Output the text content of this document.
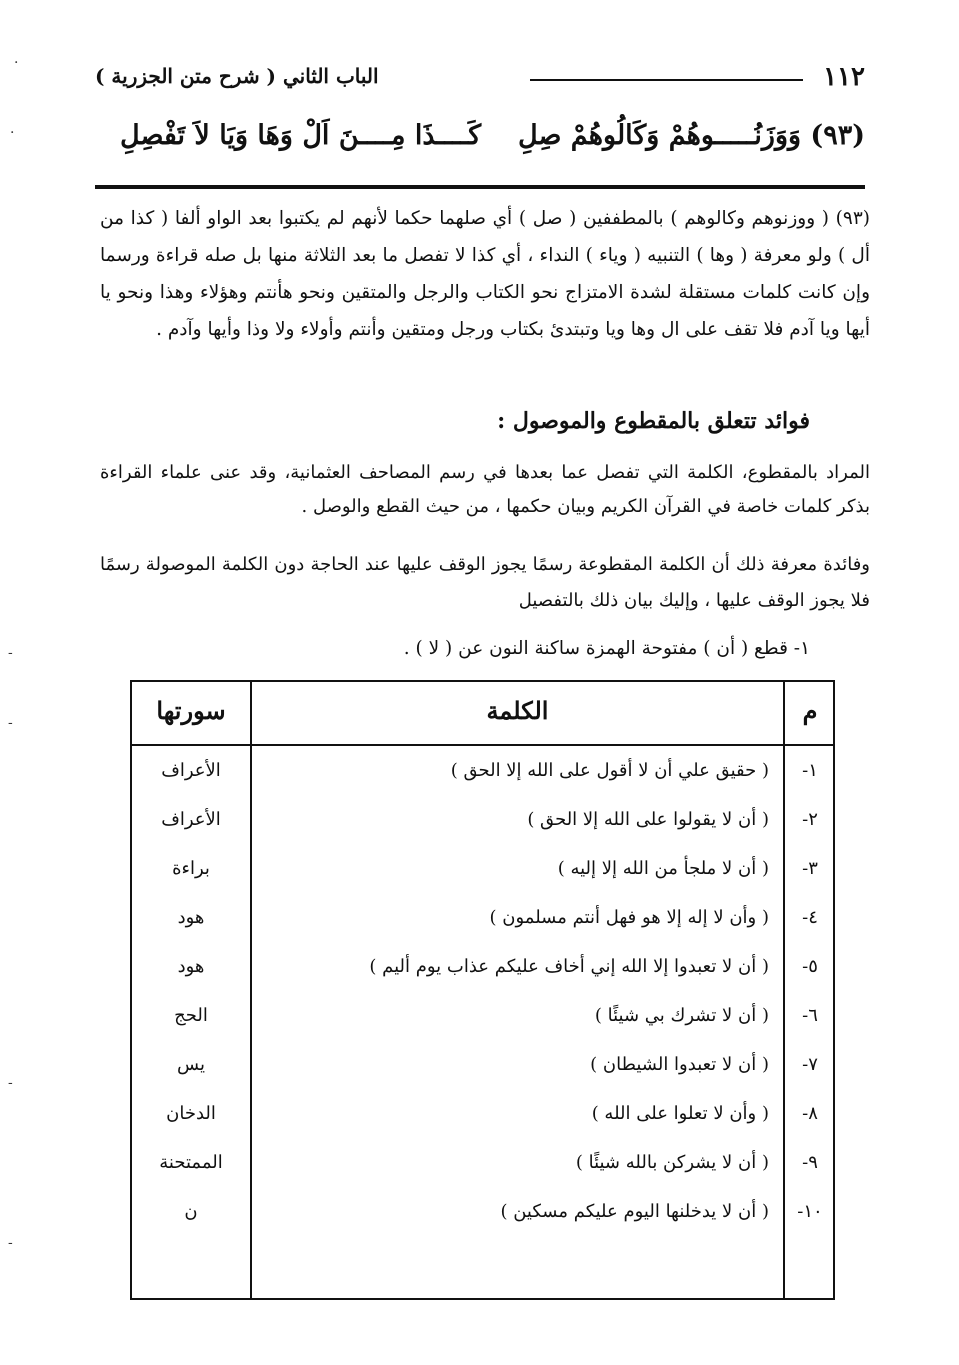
١١٢
الباب الثاني ( شرح متن الجزرية )
(٩٣) وَوَزَنُـــــوهُمْ وَكَالُوهُمْ صِلِ
كَــــذَا مِــــنَ اَلْ وَهَا وَيَا لاَ تَفْصِلِ
(٩٣) ( ووزنوهم وكالوهم ) بالمطففين ( صل ) أي صلهما حكما لأنهم لم يكتبوا بعد الواو ألفا ( كذا من أل ) ولو معرفة ( وها ) التنبيه ( وياء ) النداء ، أي كذا لا تفصل ما بعد الثلاثة منها بل صله قراءة ورسما وإن كانت كلمات مستقلة لشدة الامتزاج نحو الكتاب والرجل والمتقين ونحو هأنتم وهؤلاء وهذا ونحو يا أيها ويا آدم فلا تقف على ال وها ويا وتبتدئ بكتاب ورجل ومتقين وأنتم وأولاء ولا وذا وأيها وآدم .
فوائد تتعلق بالمقطوع والموصول :
المراد بالمقطوع، الكلمة التي تفصل عما بعدها في رسم المصاحف العثمانية، وقد عنى علماء القراءة بذكر كلمات خاصة في القرآن الكريم وبيان حكمها ، من حيث القطع والوصل .
وفائدة معرفة ذلك أن الكلمة المقطوعة رسمًا يجوز الوقف عليها عند الحاجة دون الكلمة الموصولة رسمًا فلا يجوز الوقف عليها ، وإليك بيان ذلك بالتفصيل
١- قطع ( أن ) مفتوحة الهمزة ساكنة النون عن ( لا ) .
سورتها	الكلمة	م
١-
( حقيق علي أن لا أقول على الله إلا الحق )
الأعراف
٢-
( أن لا يقولوا على الله إلا الحق )
الأعراف
٣-
( أن لا ملجأ من الله إلا إليه )
براءة
٤-
( وأن لا إله إلا هو فهل أنتم مسلمون )
هود
٥-
( أن لا تعبدوا إلا الله إني أخاف عليكم عذاب يوم أليم )
هود
٦-
( أن لا تشرك بي شيئًا )
الحج
٧-
( أن لا تعبدوا الشيطان )
يس
٨-
( وأن لا تعلوا على الله )
الدخان
٩-
( أن لا يشركن بالله شيئًا )
الممتحنة
١٠-
( أن لا يدخلنها اليوم عليكم مسكين )
ن
·
·
-
-
-
-
